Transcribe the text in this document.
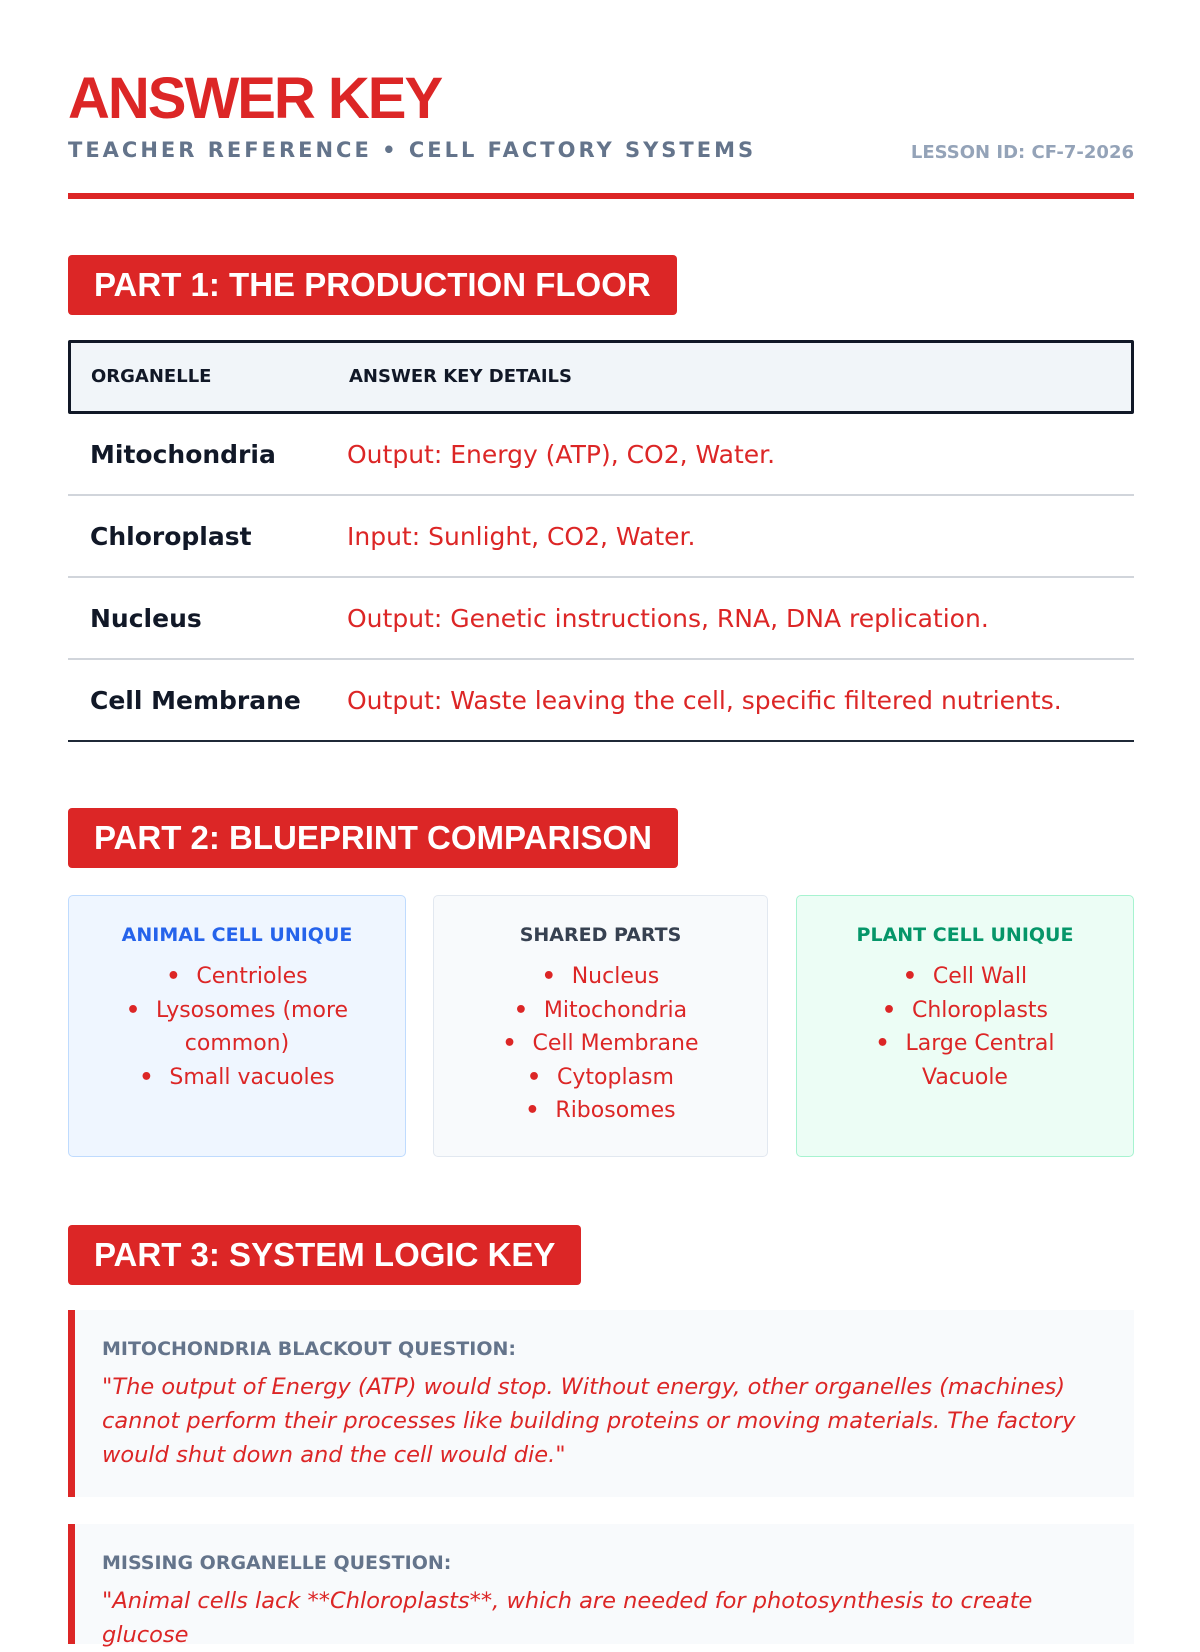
ANSWER KEY
TEACHER REFERENCE • CELL FACTORY SYSTEMS	LESSON ID: CF-7-2026
PART 1: THE PRODUCTION FLOOR
ORGANELLE	ANSWER KEY DETAILS
Mitochondria	Output: Energy (ATP), CO2, Water.
Chloroplast	Input: Sunlight, CO2, Water.
Nucleus	Output: Genetic instructions, RNA, DNA replication.
Cell Membrane Output: Waste leaving the cell, specific filtered nutrients.
PART 2: BLUEPRINT COMPARISON
ANIMAL CELL UNIQUE
• Centrioles
• Lysosomes (more common)
• Small vacuoles
SHARED PARTS
• Nucleus
• Mitochondria
• Cell Membrane
• Cytoplasm
• Ribosomes
PLANT CELL UNIQUE
• Cell Wall
• Chloroplasts
• Large Central Vacuole
PART 3: SYSTEM LOGIC KEY
MITOCHONDRIA BLACKOUT QUESTION:
"The output of Energy (ATP) would stop. Without energy, other organelles (machines) cannot perform their processes like building proteins or moving materials. The factory would shut down and the cell would die."
MISSING ORGANELLE QUESTION:
"Animal cells lack **Chloroplasts**, which are needed for photosynthesis to create glucose
